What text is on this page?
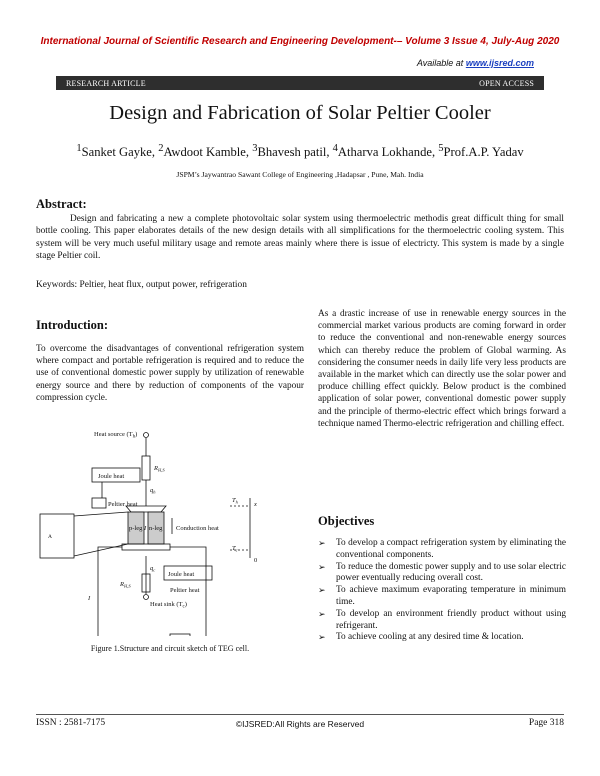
International Journal of Scientific Research and Engineering Development-– Volume 3 Issue 4, July-Aug 2020
Available at www.ijsred.com
RESEARCH ARTICLE	OPEN ACCESS
Design and Fabrication of Solar Peltier Cooler
$^1$Sanket Gayke, $^2$Awdoot Kamble, $^3$Bhavesh patil, $^4$Atharva Lokhande, $^5$Prof.A.P. Yadav
JSPM’s Jaywantrao Sawant College of Engineering ,Hadapsar , Pune, Mah. India
Abstract:
Design and fabricating a new a complete photovoltaic solar system using thermoelectric methodis great difficult thing for small bottle cooling. This paper elaborates details of the new design details with all simplifications for the thermoelectric cooling system. This system will be very much useful military usage and remote areas mainly where there is issue of electricty. This system is made by a single stage Peltier coil.
Keywords: Peltier, heat flux, output power, refrigeration
Introduction:
To overcome the disadvantages of conventional refrigeration system where compact and portable refrigeration is required and to reduce the use of conventional domestic power supply by utilization of renewable energy source and there by reduction of components of the vapour compression cycle.
As a drastic increase of use in renewable energy sources in the commercial market various products are coming forward in order to reduce the conventional and non-renewable energy sources which can thereby reduce the problem of Global warming. As considering the consumer needs in daily life very less products are available in the market which can directly use the solar power and produce chilling effect quickly. Below product is the combined application of solar power, conventional domestic power supply and the principle of thermo-electric effect which brings forward a technique named Thermo-electric refrigeration and chilling effect.
Objectives
➢ To develop a compact refrigeration system by eliminating the conventional components.
➢ To reduce the domestic power supply and to use solar electric power eventually reducing overall cost.
➢ To achieve maximum evaporating temperature in minimum time.
➢ To develop an environment friendly product without using refrigerant.
➢ To achieve cooling at any desired time & location.
Heat source $(T_h)$
$R_{H,S}$
$q_h$
Joule heat
Peltier heat
$T_h$
p-leg I n-leg Conduction heat
$T_c$
x
0
$q_c$
Joule heat
$R_{H,S}$
Peltier heat
Heat sink $(T_c)$
I
A
Figure 1.Structure and circuit sketch of TEG cell.
ISSN : 2581-7175	©IJSRED:All Rights are Reserved	Page 318
